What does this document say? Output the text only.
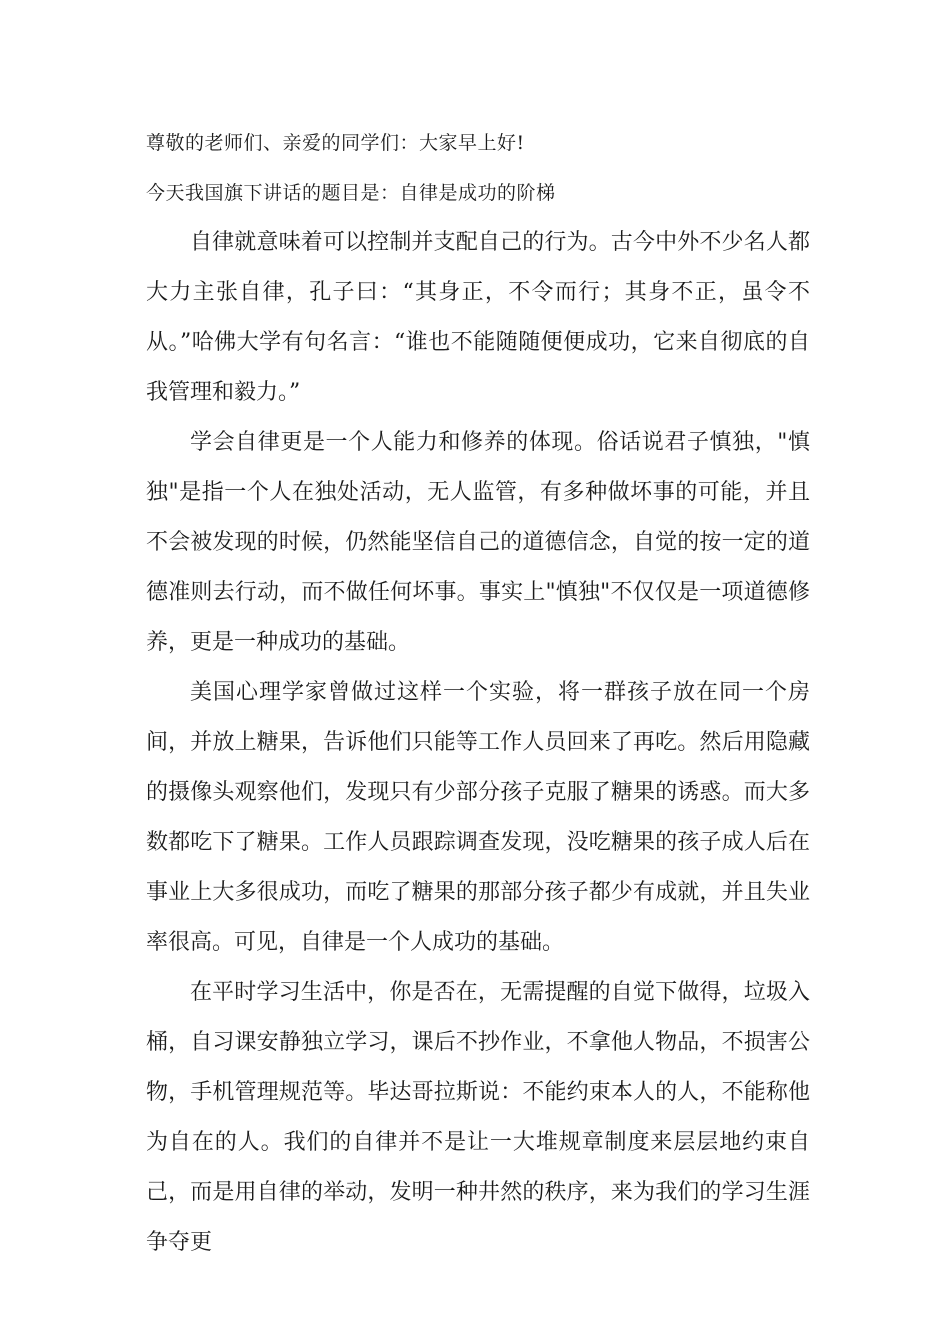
尊敬的老师们、亲爱的同学们：大家早上好!
今天我国旗下讲话的题目是：自律是成功的阶梯

自律就意味着可以控制并支配自己的行为。古今中外不少名人都大力主张自律，孔子曰：“其身正，不令而行；其身不正，虽令不从。”哈佛大学有句名言：“谁也不能随随便便成功，它来自彻底的自我管理和毅力。”

学会自律更是一个人能力和修养的体现。俗话说君子慎独，"慎独"是指一个人在独处活动，无人监管，有多种做坏事的可能，并且不会被发现的时候，仍然能坚信自己的道德信念，自觉的按一定的道德准则去行动，而不做任何坏事。事实上"慎独"不仅仅是一项道德修养，更是一种成功的基础。

美国心理学家曾做过这样一个实验，将一群孩子放在同一个房间，并放上糖果，告诉他们只能等工作人员回来了再吃。然后用隐藏的摄像头观察他们，发现只有少部分孩子克服了糖果的诱惑。而大多数都吃下了糖果。工作人员跟踪调查发现，没吃糖果的孩子成人后在事业上大多很成功，而吃了糖果的那部分孩子都少有成就，并且失业率很高。可见，自律是一个人成功的基础。

在平时学习生活中，你是否在，无需提醒的自觉下做得，垃圾入桶，自习课安静独立学习，课后不抄作业，不拿他人物品，不损害公物，手机管理规范等。毕达哥拉斯说：不能约束本人的人，不能称他为自在的人。我们的自律并不是让一大堆规章制度来层层地约束自己，而是用自律的举动，发明一种井然的秩序，来为我们的学习生涯争夺更
